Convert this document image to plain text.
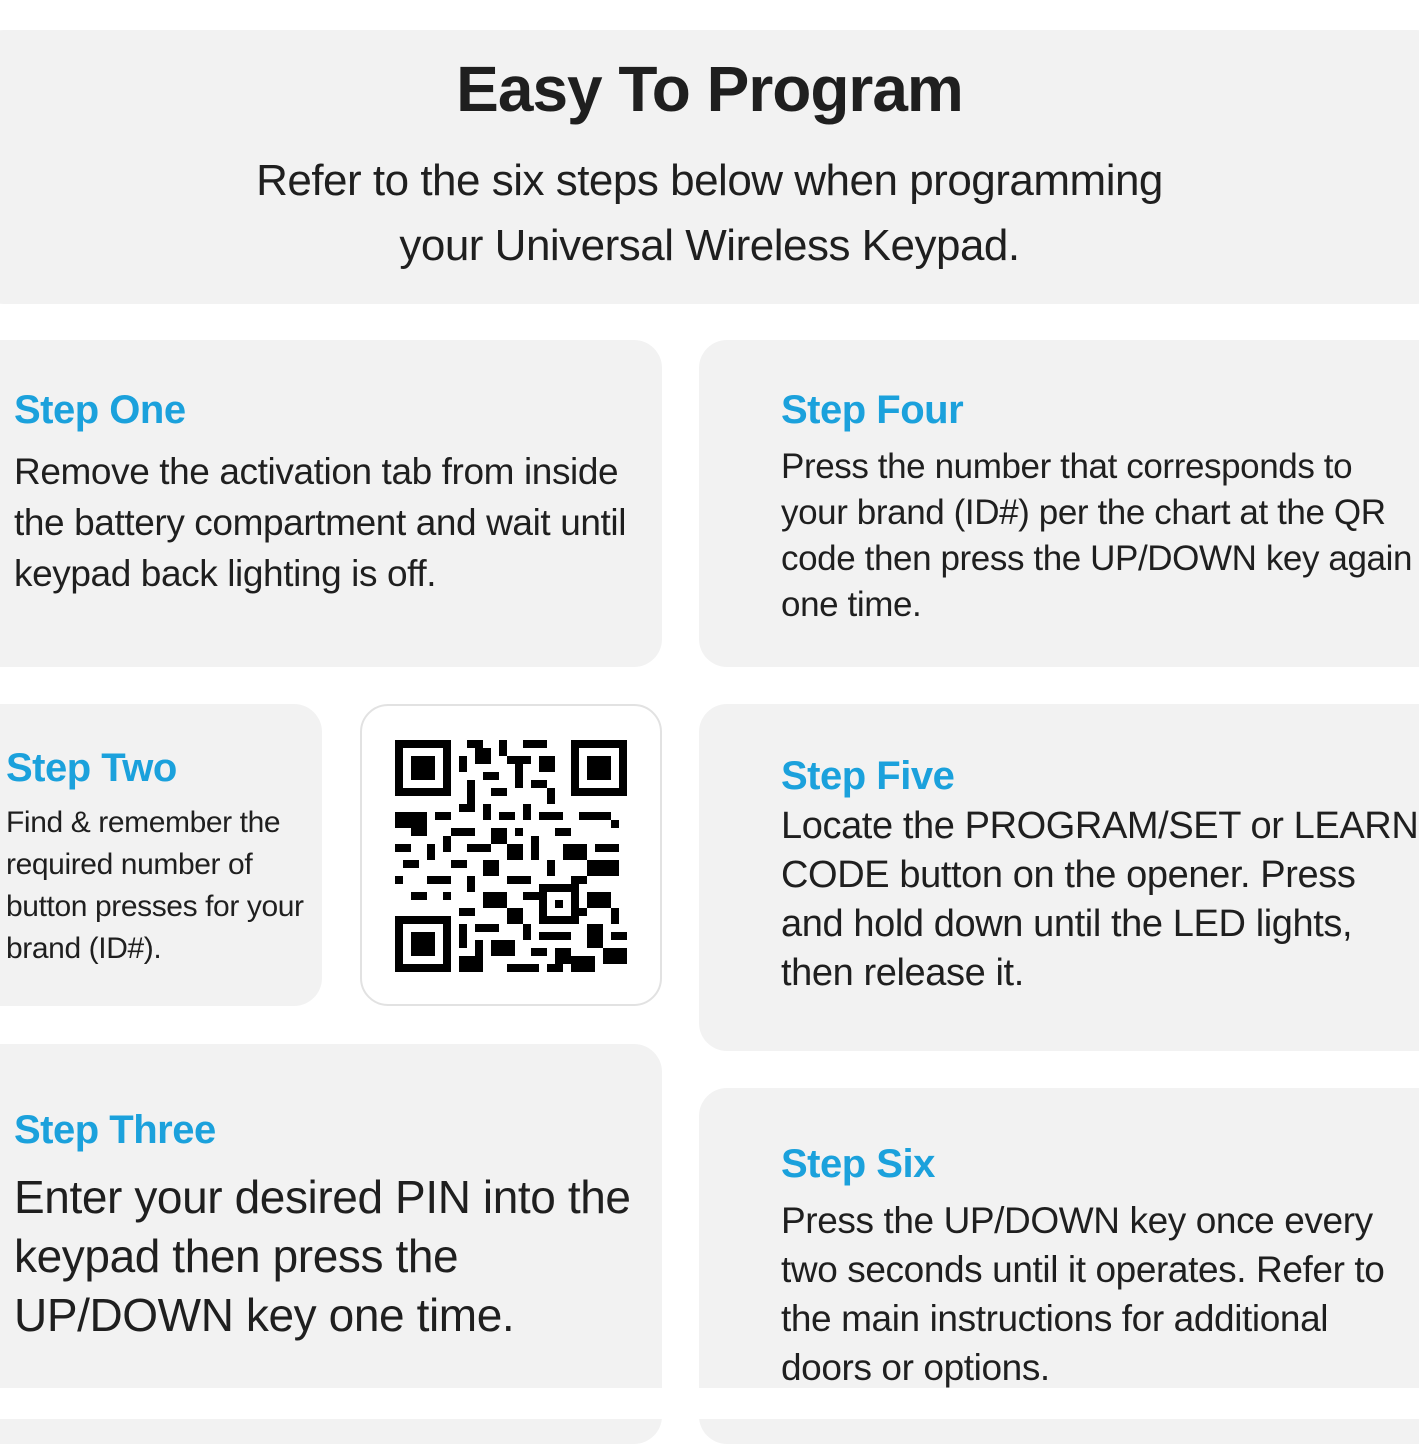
Easy To Program

Refer to the six steps below when programming
your Universal Wireless Keypad.

Step One

Remove the activation tab from inside the battery compartment and wait until keypad back lighting is off.

Step Two

Find & remember the required number of button presses for your brand (ID#).

Step Three

Enter your desired PIN into the keypad then press the UP/DOWN key one time.

Step Four

Press the number that corresponds to your brand (ID#) per the chart at the QR code then press the UP/DOWN key again one time.

Step Five

Locate the PROGRAM/SET or LEARN CODE button on the opener. Press and hold down until the LED lights, then release it.

Step Six

Press the UP/DOWN key once every two seconds until it operates. Refer to the main instructions for additional doors or options.
